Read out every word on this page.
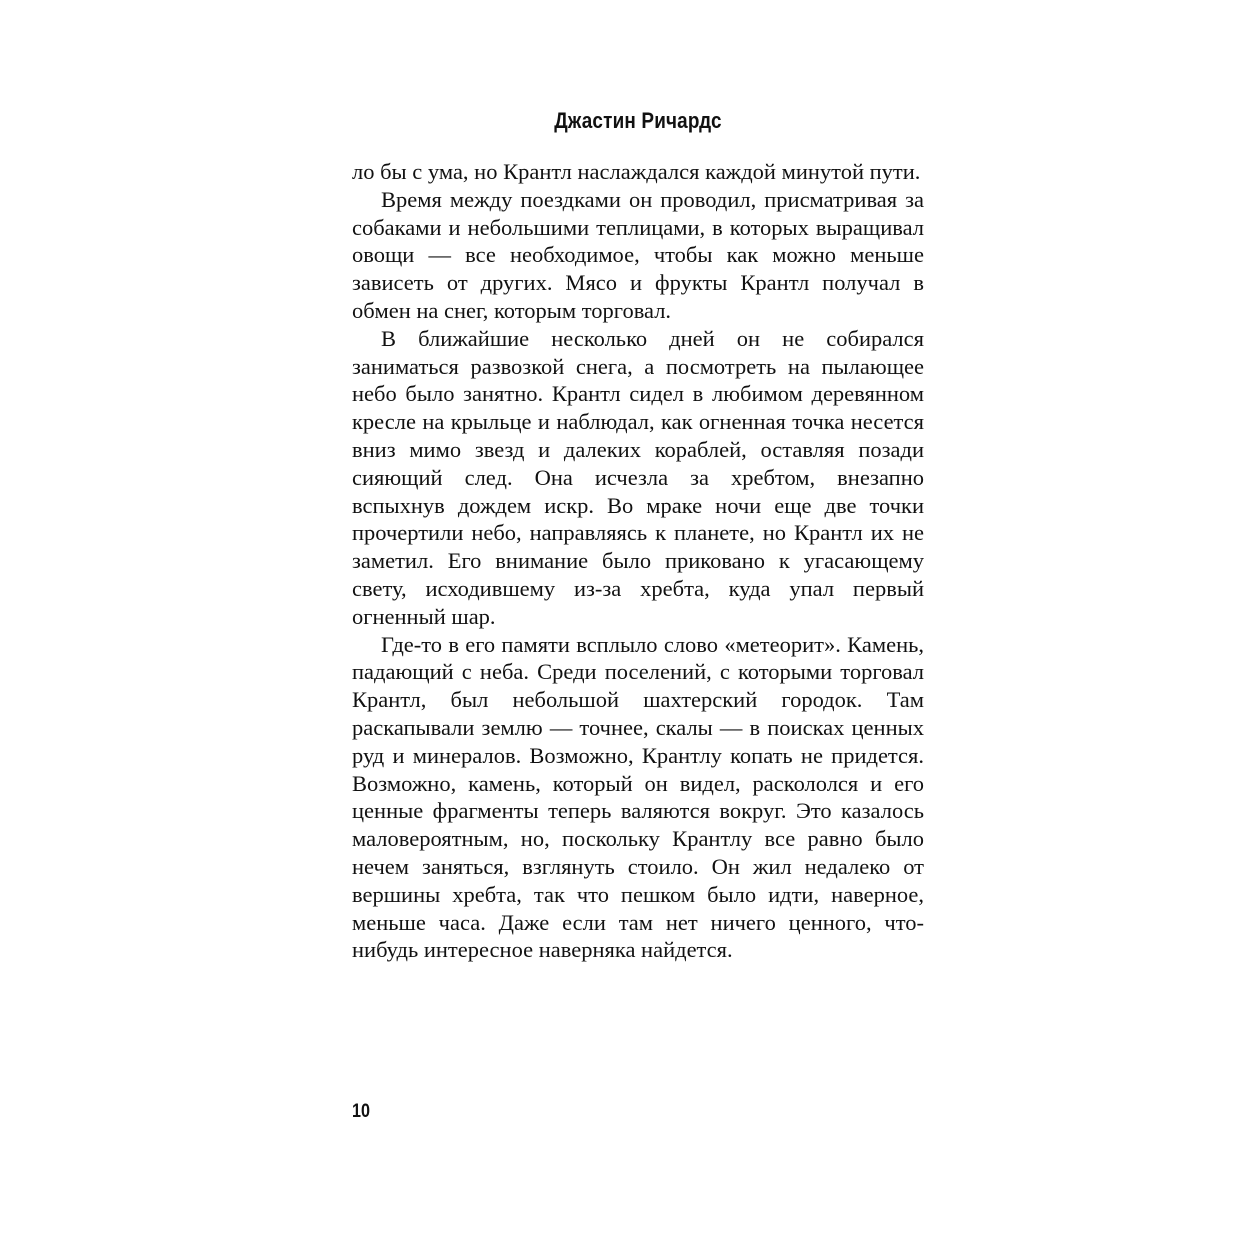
Джастин Ричардс

ло бы с ума, но Крантл наслаждался каждой минутой пути.

Время между поездками он проводил, присматривая за собаками и небольшими теплицами, в которых выращивал овощи — все необходимое, чтобы как можно меньше зависеть от других. Мясо и фрукты Крантл получал в обмен на снег, которым торговал.

В ближайшие несколько дней он не собирался заниматься развозкой снега, а посмотреть на пылающее небо было занятно. Крантл сидел в любимом деревянном кресле на крыльце и наблюдал, как огненная точка несется вниз мимо звезд и далеких кораблей, оставляя позади сияющий след. Она исчезла за хребтом, внезапно вспыхнув дождем искр. Во мраке ночи еще две точки прочертили небо, направляясь к планете, но Крантл их не заметил. Его внимание было приковано к угасающему свету, исходившему из-за хребта, куда упал первый огненный шар.

Где-то в его памяти всплыло слово «метеорит». Камень, падающий с неба. Среди поселений, с которыми торговал Крантл, был небольшой шахтерский городок. Там раскапывали землю — точнее, скалы — в поисках ценных руд и минералов. Возможно, Крантлу копать не придется. Возможно, камень, который он видел, раскололся и его ценные фрагменты теперь валяются вокруг. Это казалось маловероятным, но, поскольку Крантлу все равно было нечем заняться, взглянуть стоило. Он жил недалеко от вершины хребта, так что пешком было идти, наверное, меньше часа. Даже если там нет ничего ценного, что-нибудь интересное наверняка найдется.

10
